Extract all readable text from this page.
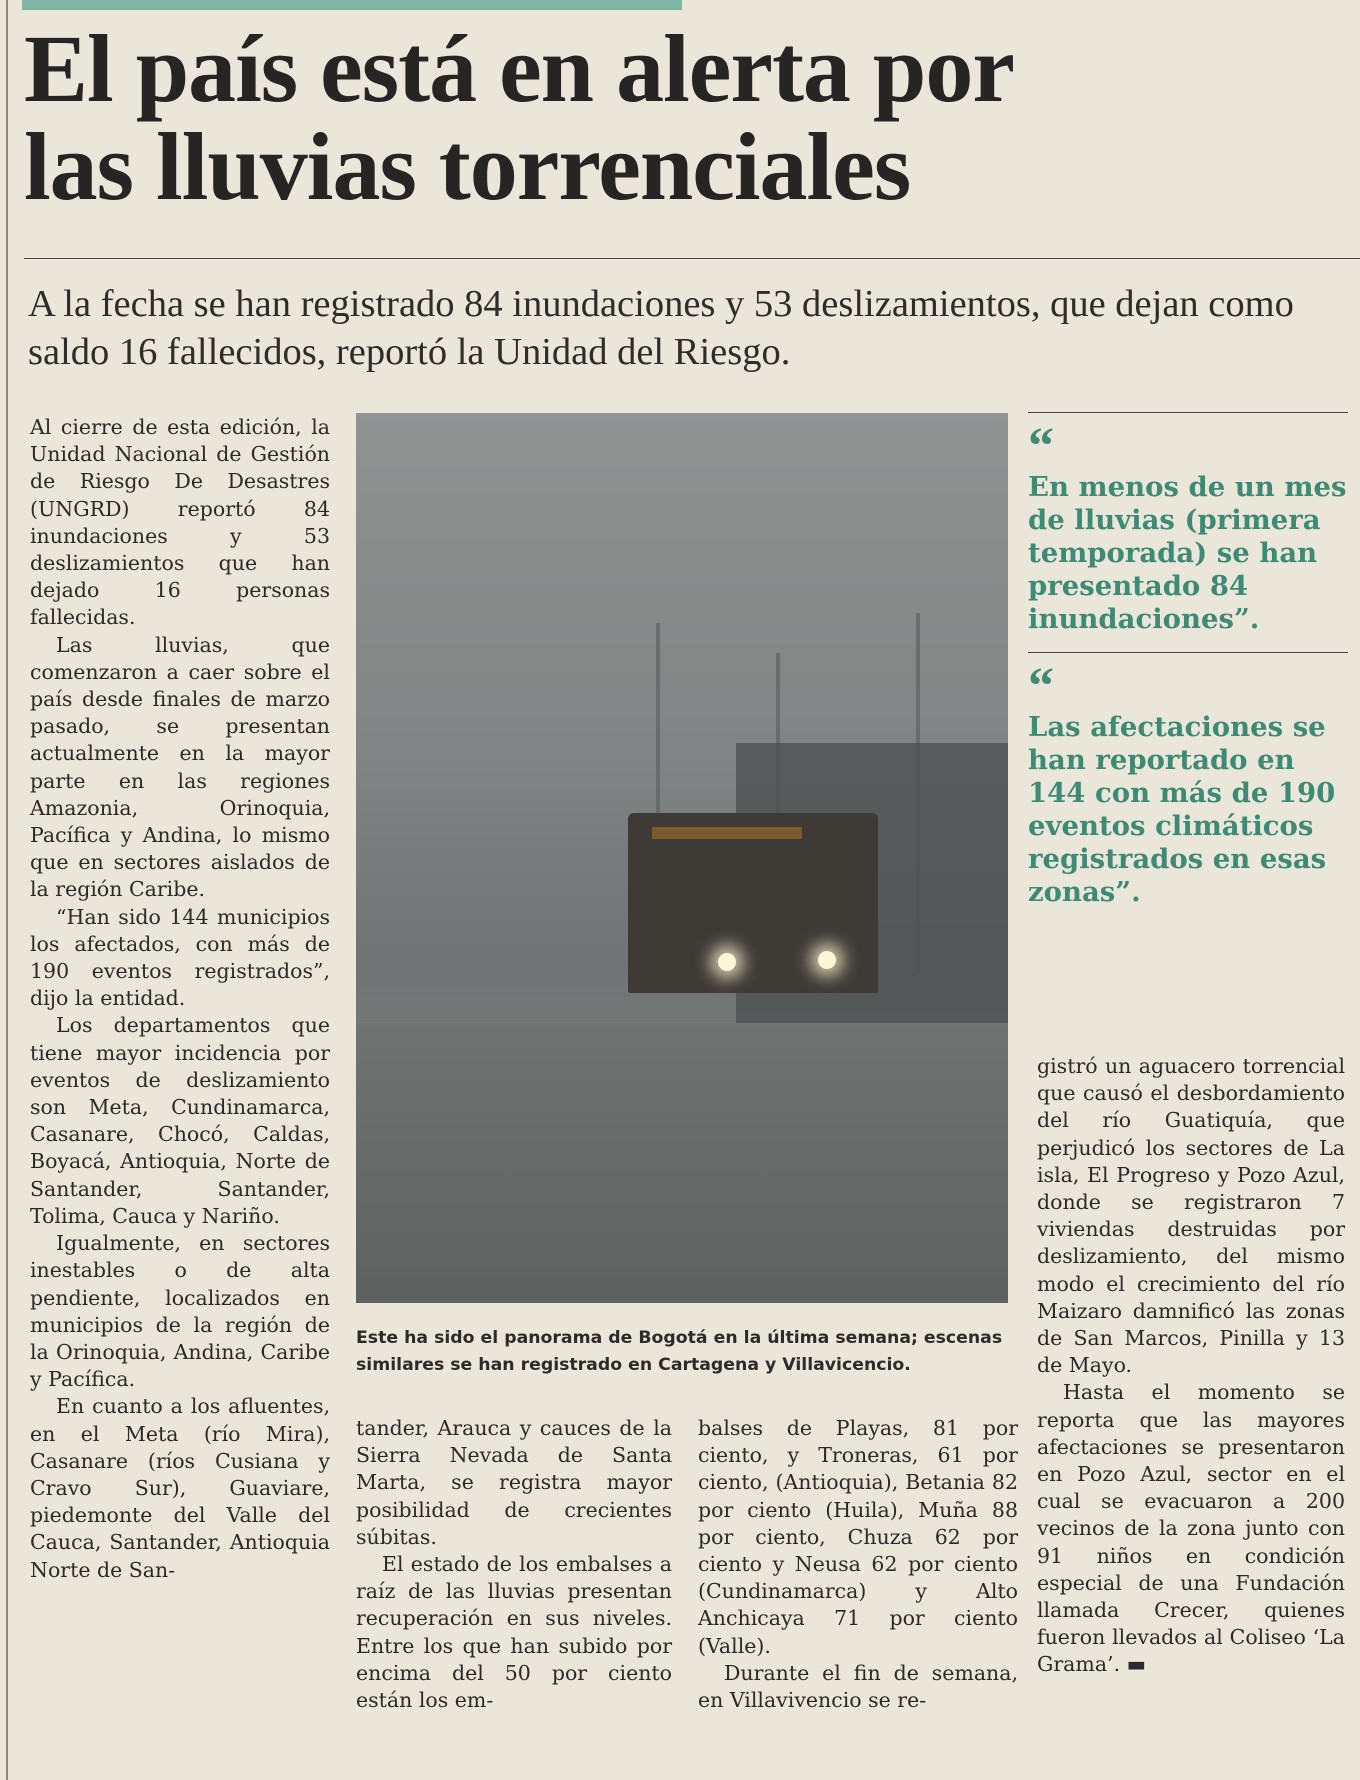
El país está en alerta por las lluvias torrenciales

A la fecha se han registrado 84 inundaciones y 53 deslizamientos, que dejan como saldo 16 fallecidos, reportó la Unidad del Riesgo.

Al cierre de esta edición, la Unidad Nacional de Gestión de Riesgo De Desastres (UNGRD) reportó 84 inundaciones y 53 deslizamientos que han dejado 16 personas fallecidas.

Las lluvias, que comenzaron a caer sobre el país desde finales de marzo pasado, se presentan actualmente en la mayor parte en las regiones Amazonia, Orinoquia, Pacífica y Andina, lo mismo que en sectores aislados de la región Caribe.

“Han sido 144 municipios los afectados, con más de 190 eventos registrados”, dijo la entidad.

Los departamentos que tiene mayor incidencia por eventos de deslizamiento son Meta, Cundinamarca, Casanare, Chocó, Caldas, Boyacá, Antioquia, Norte de Santander, Santander, Tolima, Cauca y Nariño.

Igualmente, en sectores inestables o de alta pendiente, localizados en municipios de la región de la Orinoquia, Andina, Caribe y Pacífica.

En cuanto a los afluentes, en el Meta (río Mira), Casanare (ríos Cusiana y Cravo Sur), Guaviare, piedemonte del Valle del Cauca, Santander, Antioquia Norte de San-

Este ha sido el panorama de Bogotá en la última semana; escenas similares se han registrado en Cartagena y Villavicencio.

“

En menos de un mes de lluvias (primera temporada) se han presentado 84 inundaciones”.

“

Las afectaciones se han reportado en 144 con más de 190 eventos climáticos registrados en esas zonas”.

tander, Arauca y cauces de la Sierra Nevada de Santa Marta, se registra mayor posibilidad de crecientes súbitas.

El estado de los embalses a raíz de las lluvias presentan recuperación en sus niveles. Entre los que han subido por encima del 50 por ciento están los em-

balses de Playas, 81 por ciento, y Troneras, 61 por ciento, (Antioquia), Betania 82 por ciento (Huila), Muña 88 por ciento, Chuza 62 por ciento y Neusa 62 por ciento (Cundinamarca) y Alto Anchicaya 71 por ciento (Valle).

Durante el fin de semana, en Villavivencio se re-

gistró un aguacero torrencial que causó el desbordamiento del río Guatiquía, que perjudicó los sectores de La isla, El Progreso y Pozo Azul, donde se registraron 7 viviendas destruidas por deslizamiento, del mismo modo el crecimiento del río Maizaro damnificó las zonas de San Marcos, Pinilla y 13 de Mayo.

Hasta el momento se reporta que las mayores afectaciones se presentaron en Pozo Azul, sector en el cual se evacuaron a 200 vecinos de la zona junto con 91 niños en condición especial de una Fundación llamada Crecer, quienes fueron llevados al Coliseo ‘La Grama’. ▬
